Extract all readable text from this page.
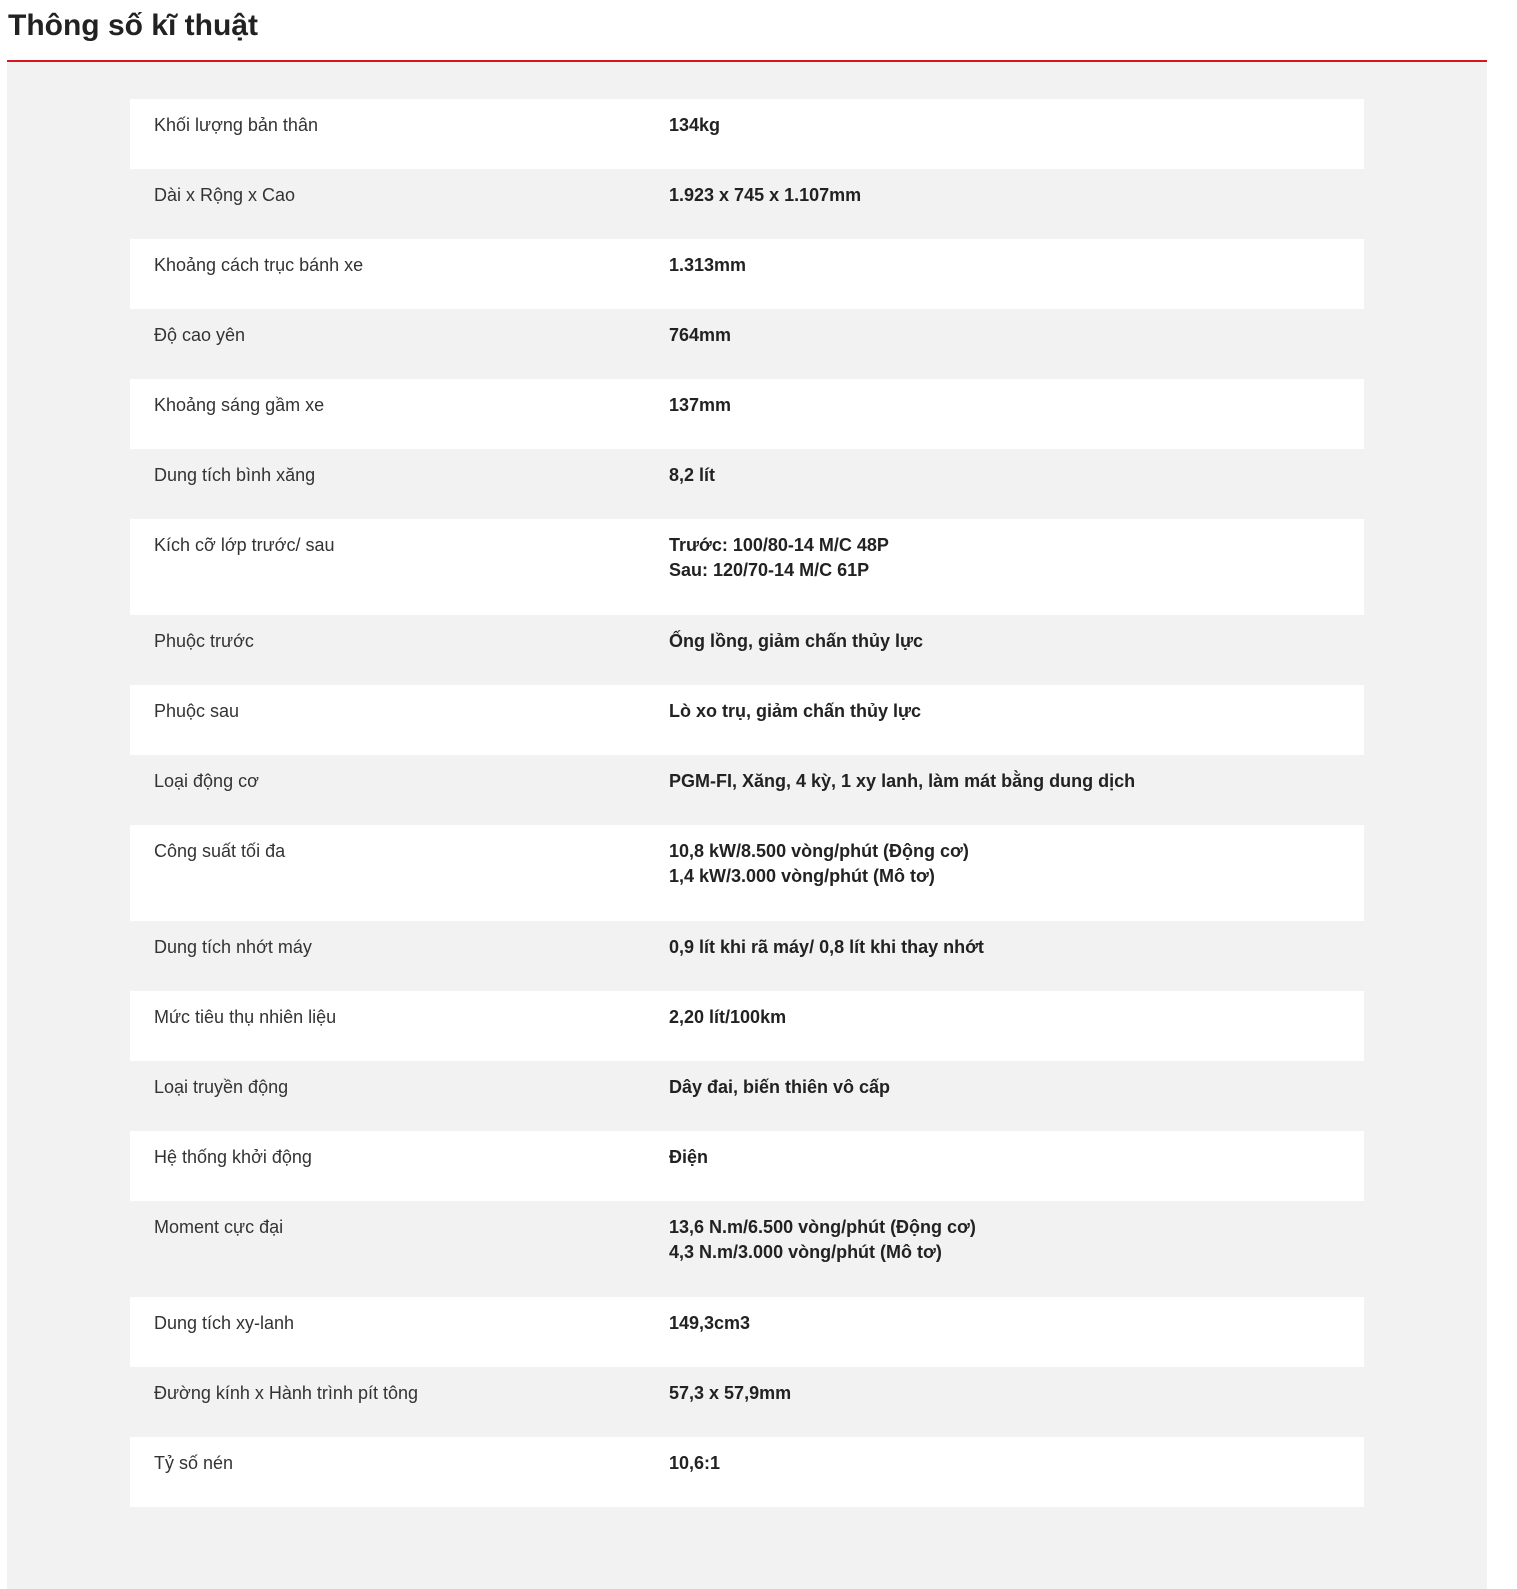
Thông số kĩ thuật
Khối lượng bản thân	134kg
Dài x Rộng x Cao	1.923 x 745 x 1.107mm
Khoảng cách trục bánh xe	1.313mm
Độ cao yên	764mm
Khoảng sáng gầm xe	137mm
Dung tích bình xăng	8,2 lít
Kích cỡ lớp trước/ sau	Trước: 100/80-14 M/C 48P
Sau: 120/70-14 M/C 61P
Phuộc trước	Ống lồng, giảm chấn thủy lực
Phuộc sau	Lò xo trụ, giảm chấn thủy lực
Loại động cơ	PGM-FI, Xăng, 4 kỳ, 1 xy lanh, làm mát bằng dung dịch
Công suất tối đa	10,8 kW/8.500 vòng/phút (Động cơ)
1,4 kW/3.000 vòng/phút (Mô tơ)
Dung tích nhớt máy	0,9 lít khi rã máy/ 0,8 lít khi thay nhớt
Mức tiêu thụ nhiên liệu	2,20 lít/100km
Loại truyền động	Dây đai, biến thiên vô cấp
Hệ thống khởi động	Điện
Moment cực đại	13,6 N.m/6.500 vòng/phút (Động cơ)
4,3 N.m/3.000 vòng/phút (Mô tơ)
Dung tích xy-lanh	149,3cm3
Đường kính x Hành trình pít tông	57,3 x 57,9mm
Tỷ số nén	10,6:1
